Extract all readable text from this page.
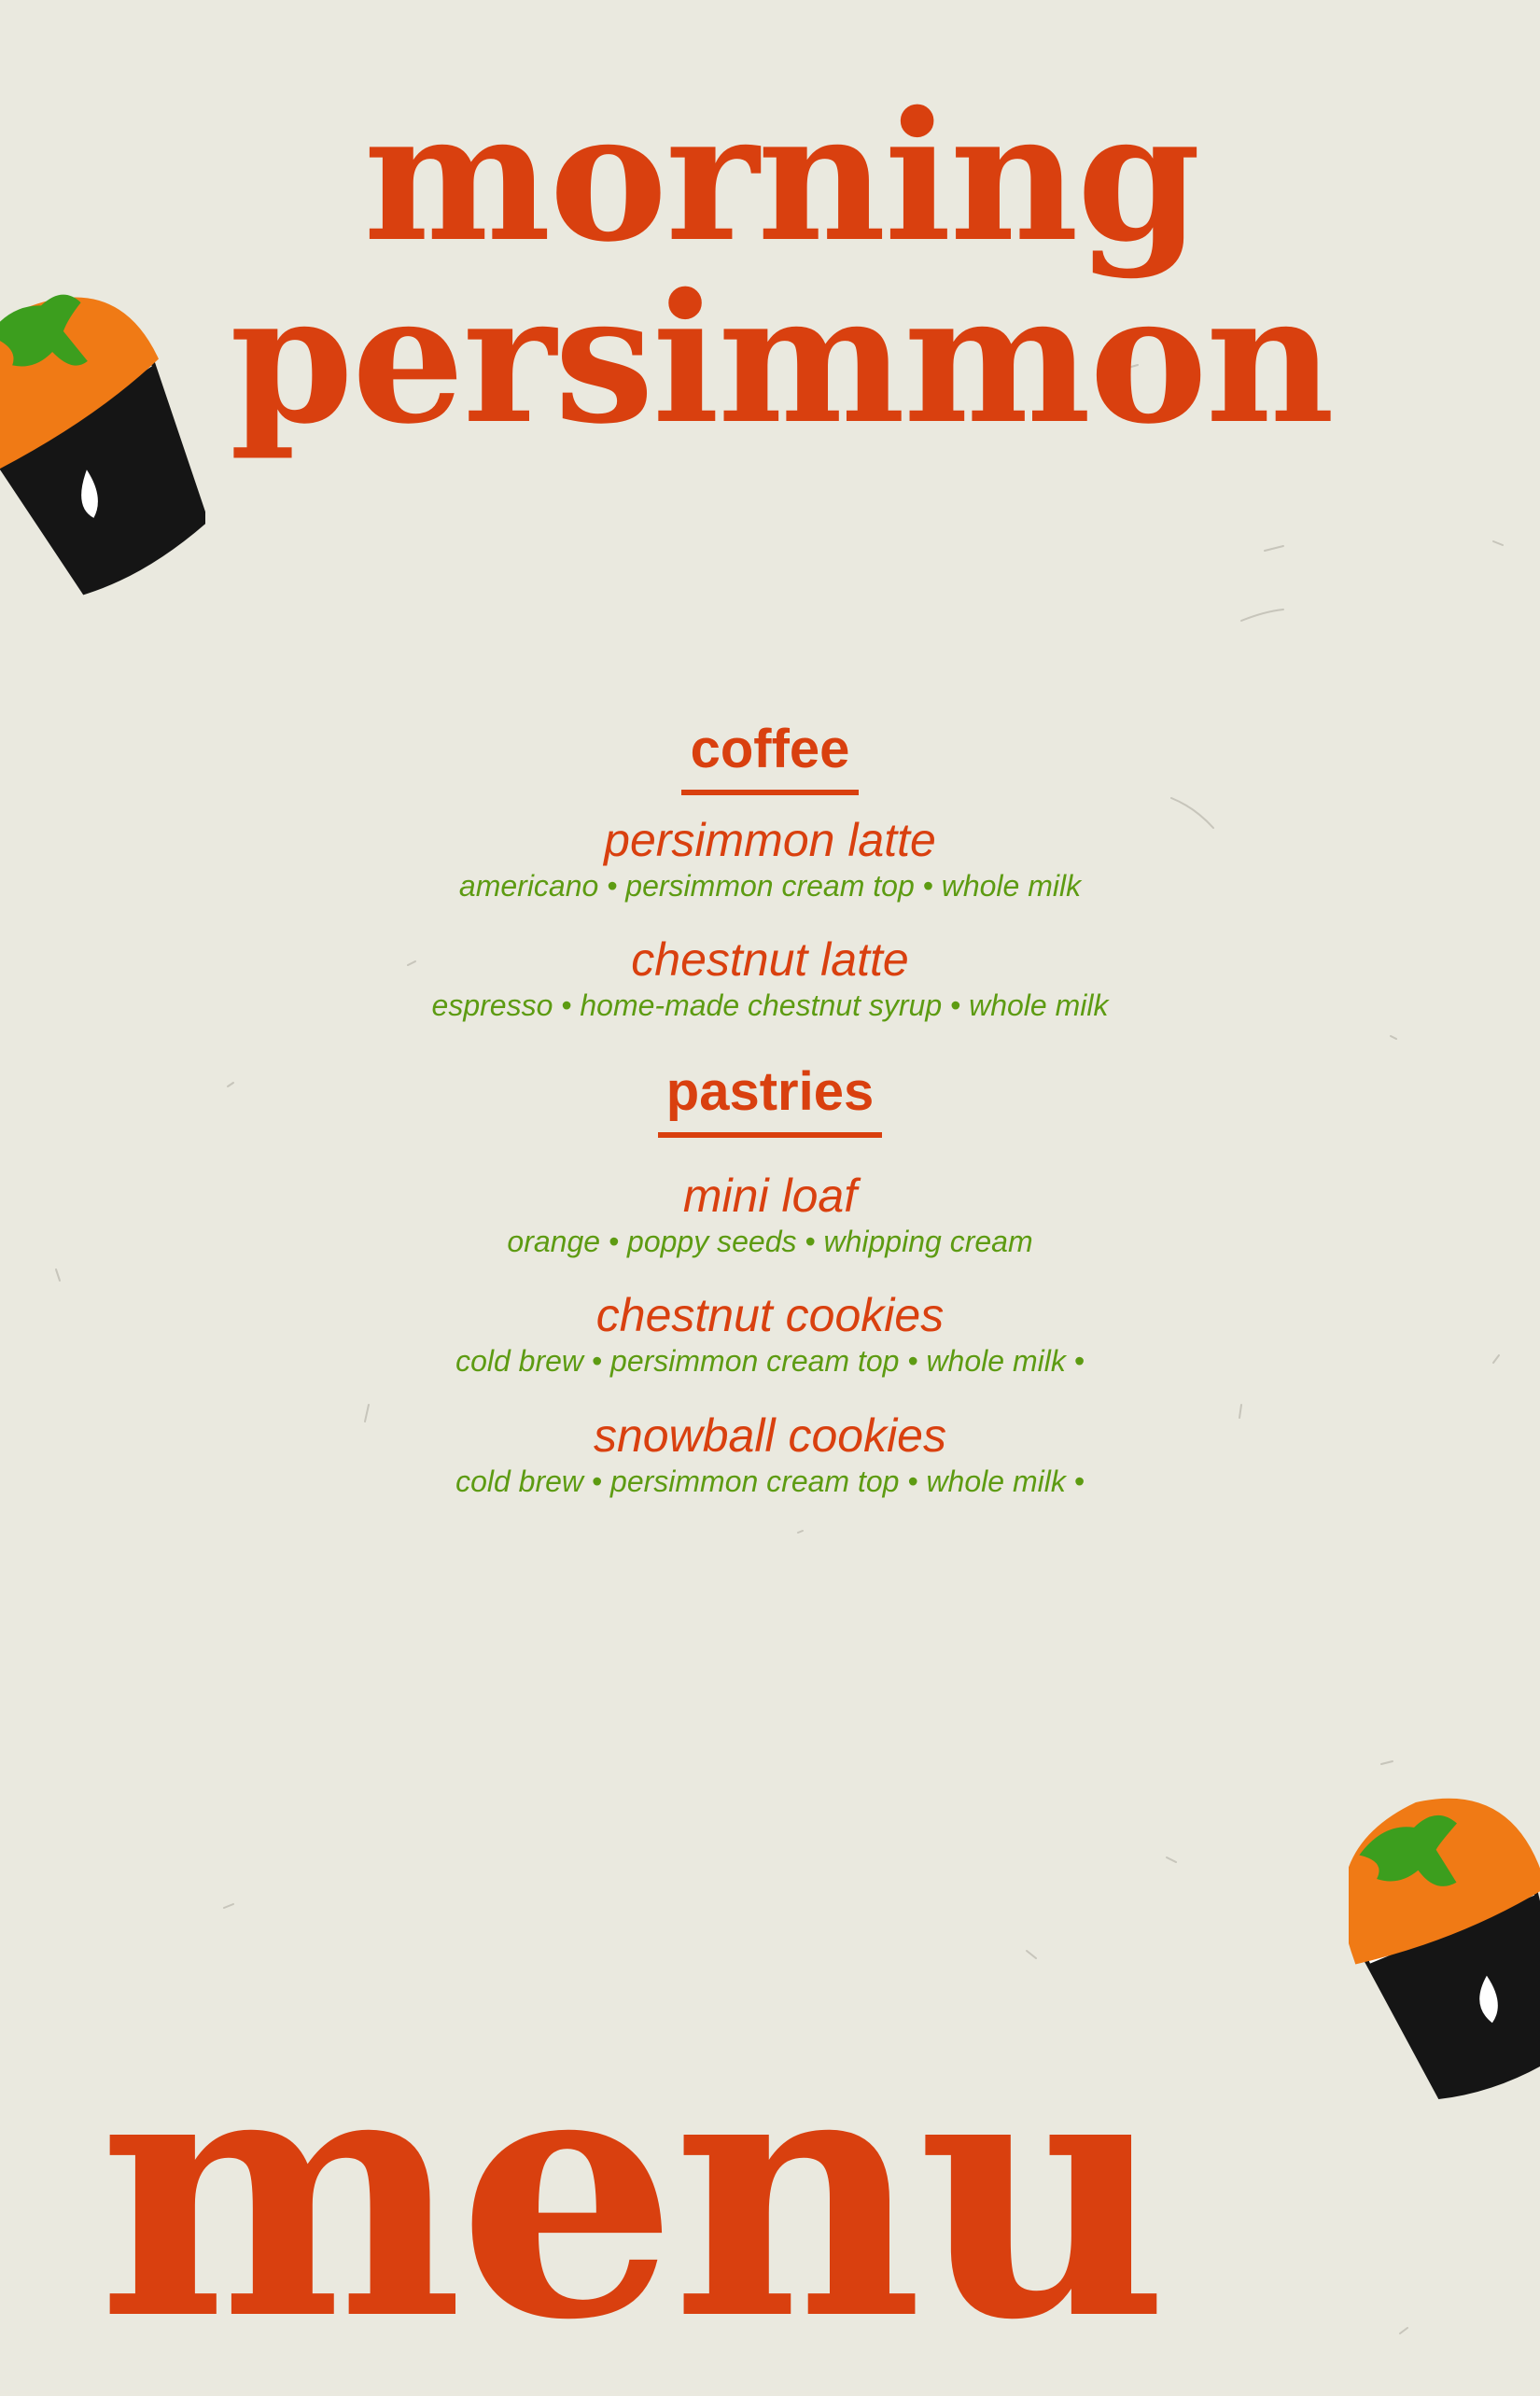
morning
persimmon
coffee

persimmon latte

americano • persimmon cream top • whole milk

chestnut latte

espresso • home-made chestnut syrup • whole milk

pastries

mini loaf

orange • poppy seeds • whipping cream

chestnut cookies

cold brew • persimmon cream top • whole milk •

snowball cookies

cold brew • persimmon cream top • whole milk •

menu
